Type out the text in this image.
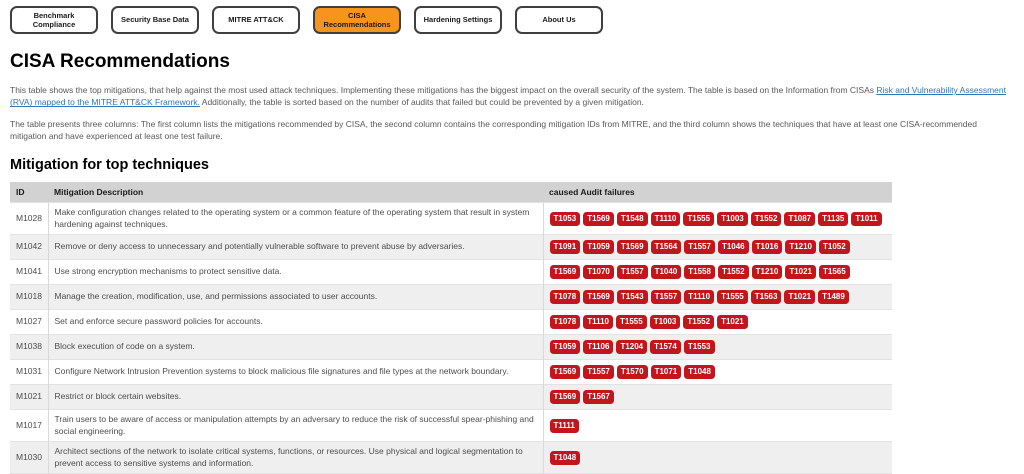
Benchmark Compliance
Security Base Data	MITRE ATT&CK
CISA Recommendations
Hardening Settings	About Us
CISA Recommendations

This table shows the top mitigations, that help against the most used attack techniques. Implementing these mitigations has the biggest impact on the overall security of the system. The table is based on the Information from CISAs Risk and Vulnerability Assessment (RVA) mapped to the MITRE ATT&CK Framework. Additionally, the table is sorted based on the number of audits that failed but could be prevented by a given mitigation.

The table presents three columns: The first column lists the mitigations recommended by CISA, the second column contains the corresponding mitigation IDs from MITRE, and the third column shows the techniques that have at least one CISA-recommended mitigation and have experienced at least one test failure.

Mitigation for top techniques
ID	Mitigation Description	caused Audit failures
M1028	Make configuration changes related to the operating system or a common feature of the operating system that result in system hardening against techniques.	T1053 T1569 T1548 T1110 T1555 T1003 T1552 T1087 T1135 T1011
M1042	Remove or deny access to unnecessary and potentially vulnerable software to prevent abuse by adversaries.	T1091 T1059 T1569 T1564 T1557 T1046 T1016 T1210 T1052
M1041	Use strong encryption mechanisms to protect sensitive data.	T1569 T1070 T1557 T1040 T1558 T1552 T1210 T1021 T1565
M1018	Manage the creation, modification, use, and permissions associated to user accounts.	T1078 T1569 T1543 T1557 T1110 T1555 T1563 T1021 T1489
M1027	Set and enforce secure password policies for accounts.	T1078 T1110 T1555 T1003 T1552 T1021
M1038	Block execution of code on a system.	T1059 T1106 T1204 T1574 T1553
M1031	Configure Network Intrusion Prevention systems to block malicious file signatures and file types at the network boundary.	T1569 T1557 T1570 T1071 T1048
M1021	Restrict or block certain websites.	T1569 T1567
M1017	Train users to be aware of access or manipulation attempts by an adversary to reduce the risk of successful spear-phishing and social engineering.	T1111
M1030	Architect sections of the network to isolate critical systems, functions, or resources. Use physical and logical segmentation to prevent access to sensitive systems and information.	T1048
